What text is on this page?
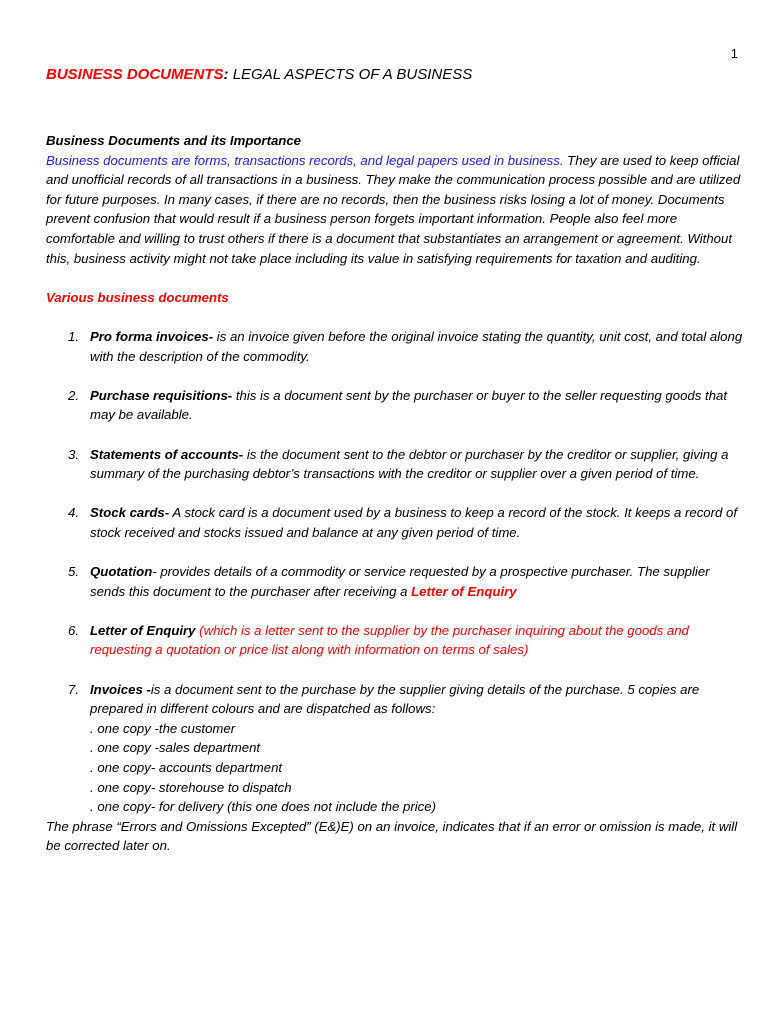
1
BUSINESS DOCUMENTS: LEGAL ASPECTS OF A BUSINESS

Business Documents and its Importance

Business documents are forms, transactions records, and legal papers used in business. They are used to keep official and unofficial records of all transactions in a business. They make the communication process possible and are utilized for future purposes. In many cases, if there are no records, then the business risks losing a lot of money. Documents prevent confusion that would result if a business person forgets important information. People also feel more comfortable and willing to trust others if there is a document that substantiates an arrangement or agreement. Without this, business activity might not take place including its value in satisfying requirements for taxation and auditing.

Various business documents

1. Pro forma invoices- is an invoice given before the original invoice stating the quantity, unit cost, and total along with the description of the commodity.
2. Purchase requisitions- this is a document sent by the purchaser or buyer to the seller requesting goods that may be available.
3. Statements of accounts- is the document sent to the debtor or purchaser by the creditor or supplier, giving a summary of the purchasing debtor’s transactions with the creditor or supplier over a given period of time.
4. Stock cards- A stock card is a document used by a business to keep a record of the stock. It keeps a record of stock received and stocks issued and balance at any given period of time.
5. Quotation- provides details of a commodity or service requested by a prospective purchaser. The supplier sends this document to the purchaser after receiving a Letter of Enquiry
6. Letter of Enquiry (which is a letter sent to the supplier by the purchaser inquiring about the goods and requesting a quotation or price list along with information on terms of sales)
7. Invoices -is a document sent to the purchase by the supplier giving details of the purchase. 5 copies are prepared in different colours and are dispatched as follows:
. one copy -the customer
. one copy -sales department
. one copy- accounts department
. one copy- storehouse to dispatch
. one copy- for delivery (this one does not include the price)

The phrase “Errors and Omissions Excepted” (E&)E) on an invoice, indicates that if an error or omission is made, it will be corrected later on.
